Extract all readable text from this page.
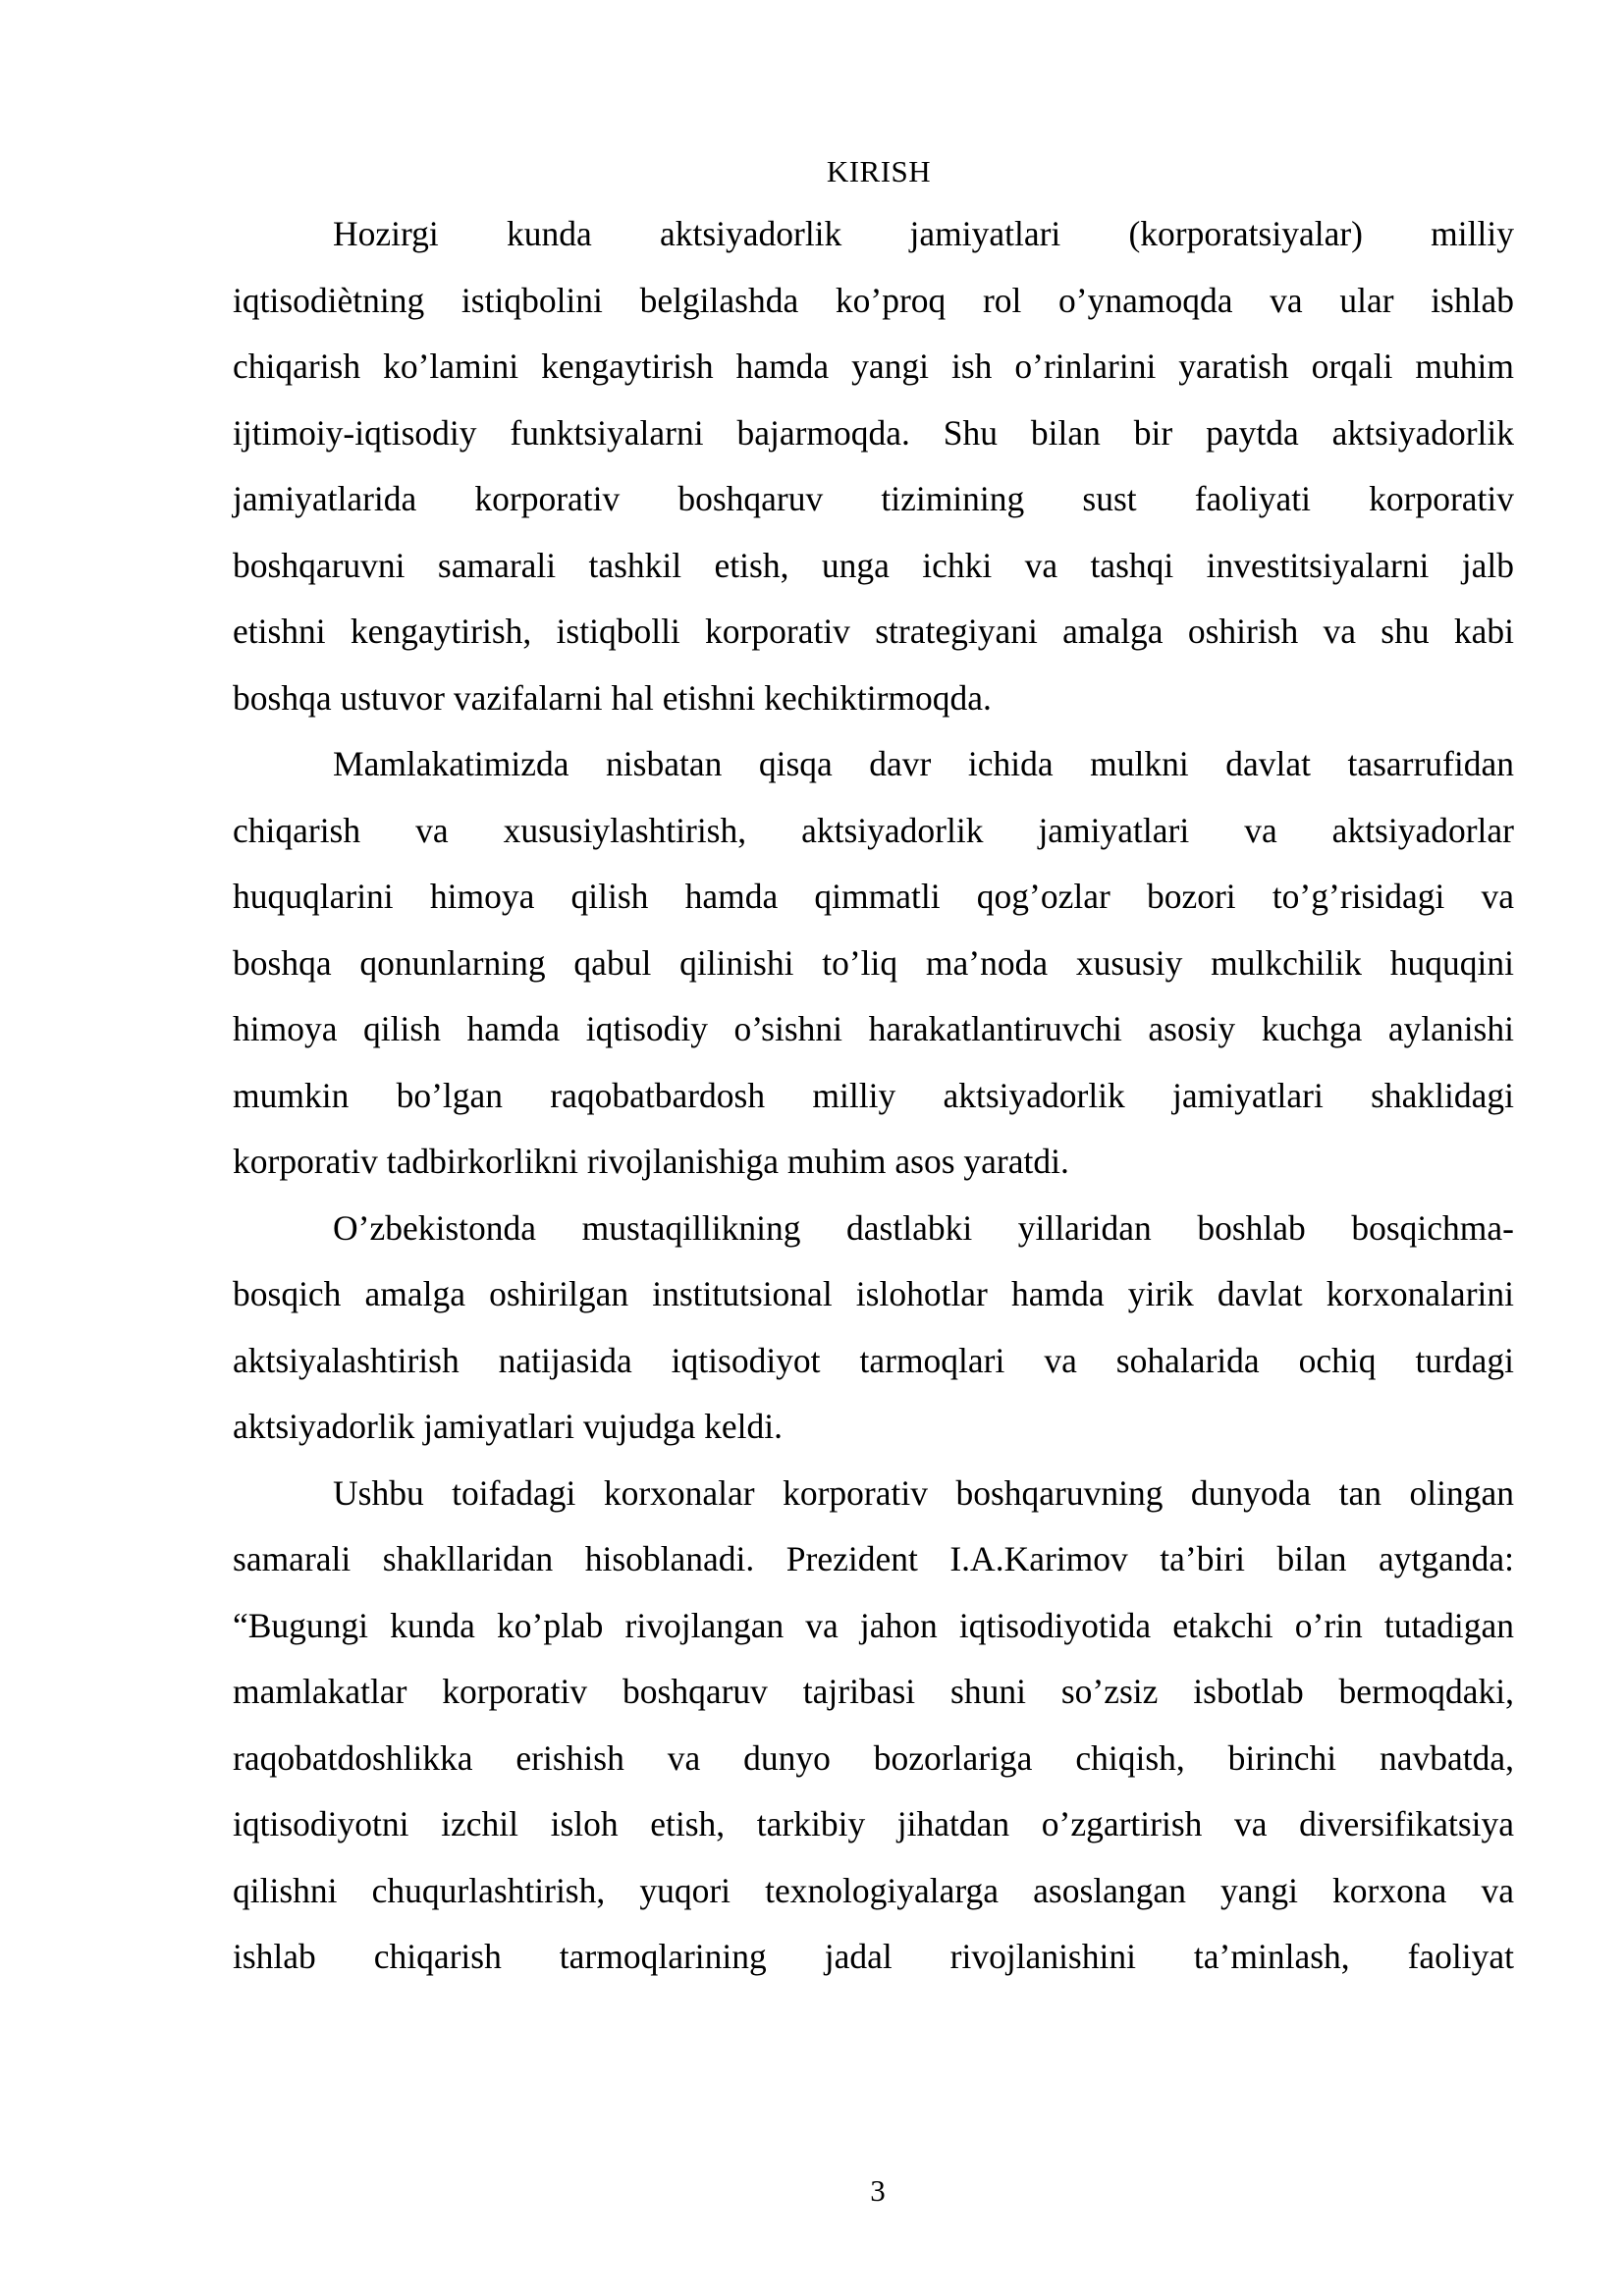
KIRISH
Hozirgi kunda aktsiyadorlik jamiyatlari (korporatsiyalar) milliy
iqtisodiètning istiqbolini belgilashda ko’proq rol o’ynamoqda va ular ishlab
chiqarish ko’lamini kengaytirish hamda yangi ish o’rinlarini yaratish orqali muhim
ijtimoiy-iqtisodiy funktsiyalarni bajarmoqda. Shu bilan bir paytda aktsiyadorlik
jamiyatlarida korporativ boshqaruv tizimining sust faoliyati korporativ
boshqaruvni samarali tashkil etish, unga ichki va tashqi investitsiyalarni jalb
etishni kengaytirish, istiqbolli korporativ strategiyani amalga oshirish va shu kabi
boshqa ustuvor vazifalarni hal etishni kechiktirmoqda.
Mamlakatimizda nisbatan qisqa davr ichida mulkni davlat tasarrufidan
chiqarish va xususiylashtirish, aktsiyadorlik jamiyatlari va aktsiyadorlar
huquqlarini himoya qilish hamda qimmatli qog’ozlar bozori to’g’risidagi va
boshqa qonunlarning qabul qilinishi to’liq ma’noda xususiy mulkchilik huquqini
himoya qilish hamda iqtisodiy o’sishni harakatlantiruvchi asosiy kuchga aylanishi
mumkin bo’lgan raqobatbardosh milliy aktsiyadorlik jamiyatlari shaklidagi
korporativ tadbirkorlikni rivojlanishiga muhim asos yaratdi.
O’zbekistonda mustaqillikning dastlabki yillaridan boshlab bosqichma-
bosqich amalga oshirilgan institutsional islohotlar hamda yirik davlat korxonalarini
aktsiyalashtirish natijasida iqtisodiyot tarmoqlari va sohalarida ochiq turdagi
aktsiyadorlik jamiyatlari vujudga keldi.
Ushbu toifadagi korxonalar korporativ boshqaruvning dunyoda tan olingan
samarali shakllaridan hisoblanadi. Prezident I.A.Karimov ta’biri bilan aytganda:
“Bugungi kunda ko’plab rivojlangan va jahon iqtisodiyotida etakchi o’rin tutadigan
mamlakatlar korporativ boshqaruv tajribasi shuni so’zsiz isbotlab bermoqdaki,
raqobatdoshlikka erishish va dunyo bozorlariga chiqish, birinchi navbatda,
iqtisodiyotni izchil isloh etish, tarkibiy jihatdan o’zgartirish va diversifikatsiya
qilishni chuqurlashtirish, yuqori texnologiyalarga asoslangan yangi korxona va
ishlab chiqarish tarmoqlarining jadal rivojlanishini ta’minlash, faoliyat
3
